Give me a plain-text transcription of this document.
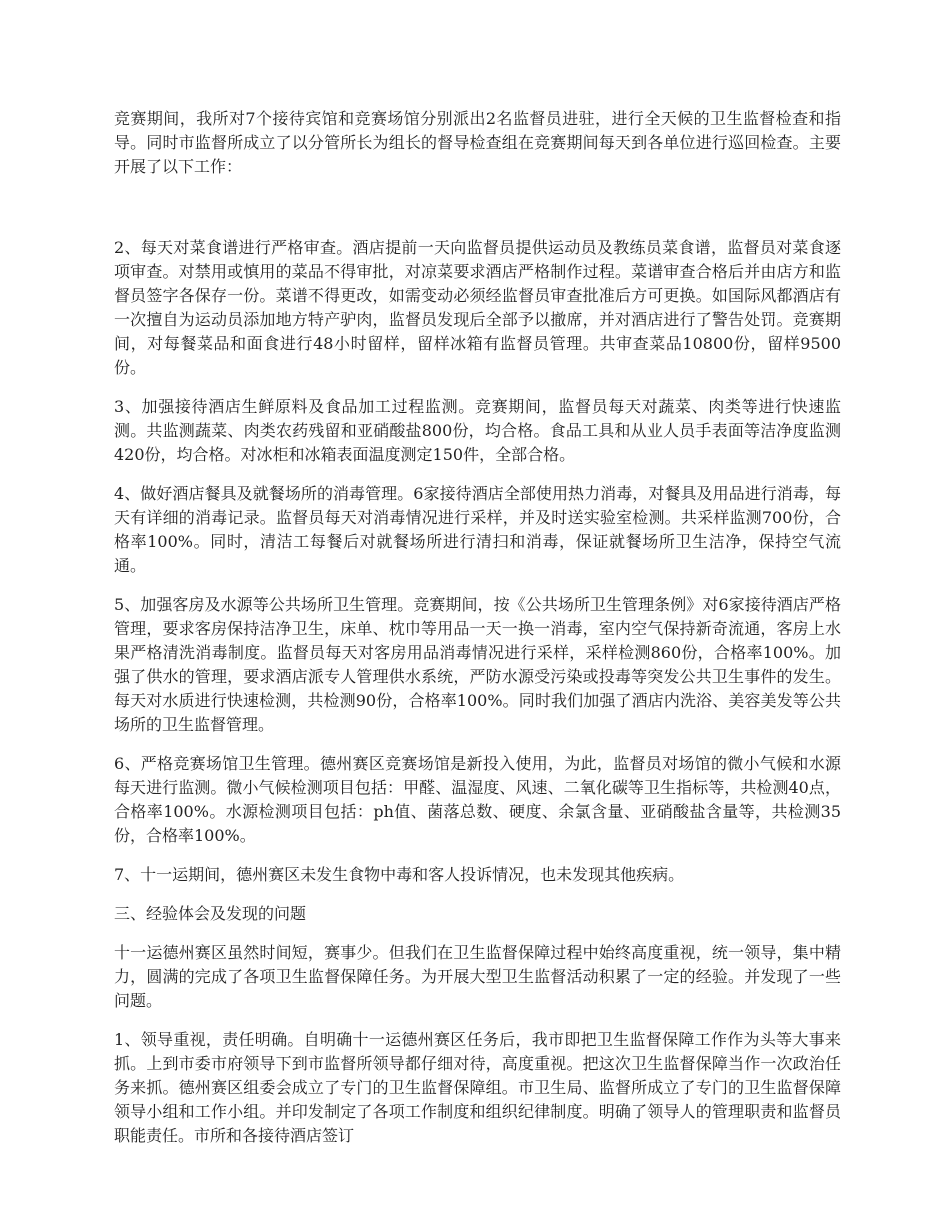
竞赛期间，我所对7个接待宾馆和竞赛场馆分别派出2名监督员进驻，进行全天候的卫生监督检查和指导。同时市监督所成立了以分管所长为组长的督导检查组在竞赛期间每天到各单位进行巡回检查。主要开展了以下工作：

2、每天对菜食谱进行严格审查。酒店提前一天向监督员提供运动员及教练员菜食谱，监督员对菜食逐项审查。对禁用或慎用的菜品不得审批，对凉菜要求酒店严格制作过程。菜谱审查合格后并由店方和监督员签字各保存一份。菜谱不得更改，如需变动必须经监督员审查批准后方可更换。如国际风都酒店有一次擅自为运动员添加地方特产驴肉，监督员发现后全部予以撤席，并对酒店进行了警告处罚。竞赛期间，对每餐菜品和面食进行48小时留样，留样冰箱有监督员管理。共审查菜品10800份，留样9500份。

3、加强接待酒店生鲜原料及食品加工过程监测。竞赛期间，监督员每天对蔬菜、肉类等进行快速监测。共监测蔬菜、肉类农药残留和亚硝酸盐800份，均合格。食品工具和从业人员手表面等洁净度监测420份，均合格。对冰柜和冰箱表面温度测定150件，全部合格。

4、做好酒店餐具及就餐场所的消毒管理。6家接待酒店全部使用热力消毒，对餐具及用品进行消毒，每天有详细的消毒记录。监督员每天对消毒情况进行采样，并及时送实验室检测。共采样监测700份，合格率100%。同时，清洁工每餐后对就餐场所进行清扫和消毒，保证就餐场所卫生洁净，保持空气流通。

5、加强客房及水源等公共场所卫生管理。竞赛期间，按《公共场所卫生管理条例》对6家接待酒店严格管理，要求客房保持洁净卫生，床单、枕巾等用品一天一换一消毒，室内空气保持新奇流通，客房上水果严格清洗消毒制度。监督员每天对客房用品消毒情况进行采样，采样检测860份，合格率100%。加强了供水的管理，要求酒店派专人管理供水系统，严防水源受污染或投毒等突发公共卫生事件的发生。每天对水质进行快速检测，共检测90份，合格率100%。同时我们加强了酒店内洗浴、美容美发等公共场所的卫生监督管理。

6、严格竞赛场馆卫生管理。德州赛区竞赛场馆是新投入使用，为此，监督员对场馆的微小气候和水源每天进行监测。微小气候检测项目包括：甲醛、温湿度、风速、二氧化碳等卫生指标等，共检测40点，合格率100%。水源检测项目包括：ph值、菌落总数、硬度、余氯含量、亚硝酸盐含量等，共检测35份，合格率100%。

7、十一运期间，德州赛区未发生食物中毒和客人投诉情况，也未发现其他疾病。

三、经验体会及发现的问题

十一运德州赛区虽然时间短，赛事少。但我们在卫生监督保障过程中始终高度重视，统一领导，集中精力，圆满的完成了各项卫生监督保障任务。为开展大型卫生监督活动积累了一定的经验。并发现了一些问题。

1、领导重视，责任明确。自明确十一运德州赛区任务后，我市即把卫生监督保障工作作为头等大事来抓。上到市委市府领导下到市监督所领导都仔细对待，高度重视。把这次卫生监督保障当作一次政治任务来抓。德州赛区组委会成立了专门的卫生监督保障组。市卫生局、监督所成立了专门的卫生监督保障领导小组和工作小组。并印发制定了各项工作制度和组织纪律制度。明确了领导人的管理职责和监督员职能责任。市所和各接待酒店签订
